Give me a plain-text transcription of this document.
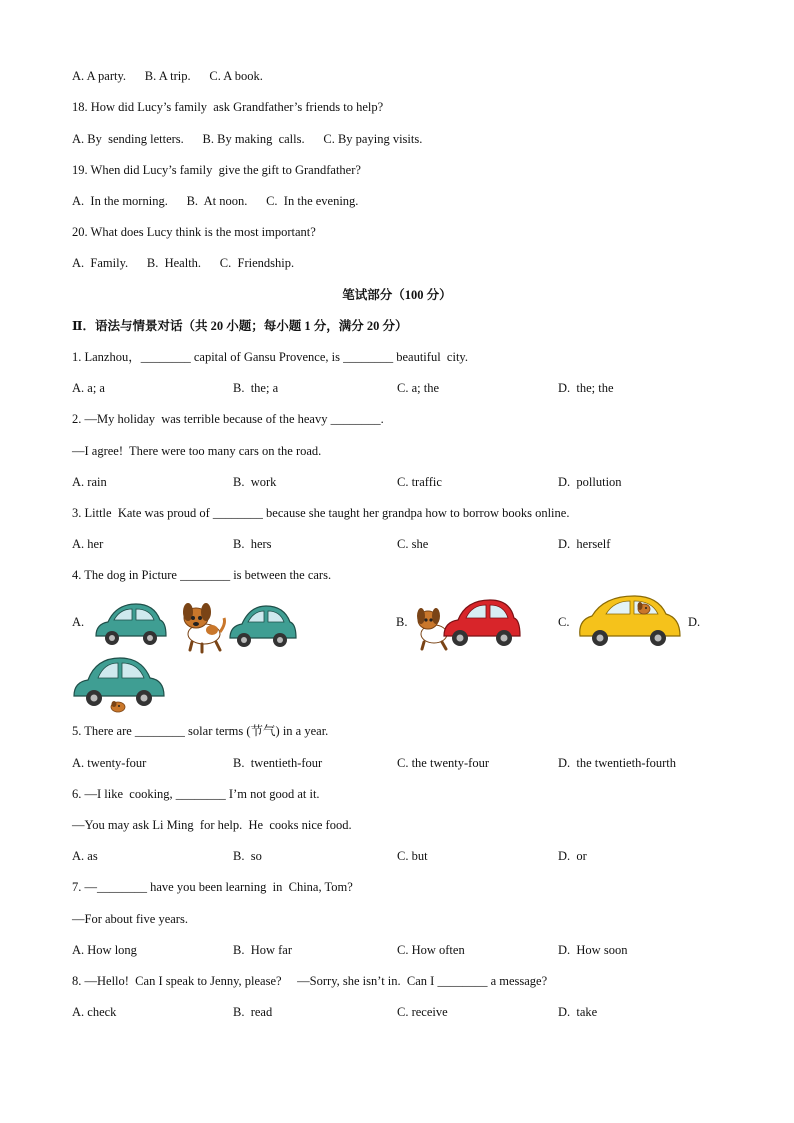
A. A party.      B. A trip.      C. A book.
18. How did Lucy’s family  ask Grandfather’s friends to help?
A. By  sending letters.      B. By making  calls.      C. By paying visits.
19. When did Lucy’s family  give the gift to Grandfather?
A.  In the morning.      B.  At noon.      C.  In the evening.
20. What does Lucy think is the most important?
A.  Family.      B.  Health.      C.  Friendship.
笔试部分（100 分）
Ⅱ．语法与情景对话（共 20 小题；每小题 1 分，满分 20 分）
1. Lanzhou，________ capital of Gansu Provence, is ________ beautiful  city.
A. a; a	B.  the; a	C. a; the	D.  the; the
2. —My holiday  was terrible because of the heavy ________.
—I agree!  There were too many cars on the road.
A. rain	B.  work	C. traffic	D.  pollution
3. Little  Kate was proud of ________ because she taught her grandpa how to borrow books online.
A. her	B.  hers	C. she	D.  herself
4. The dog in Picture ________ is between the cars.
A.	B.	C.	D.
5. There are ________ solar terms (节气) in a year.
A. twenty-four	B.  twentieth-four	C. the twenty-four	D.  the twentieth-fourth
6. —I like  cooking, ________ I’m not good at it.
—You may ask Li Ming  for help.  He  cooks nice food.
A. as	B.  so	C. but	D.  or
7. —________ have you been learning  in  China, Tom?
—For about five years.
A. How long	B.  How far	C. How often	D.  How soon
8. —Hello!  Can I speak to Jenny, please?     —Sorry, she isn’t in.  Can I ________ a message?
A. check	B.  read	C. receive	D.  take
